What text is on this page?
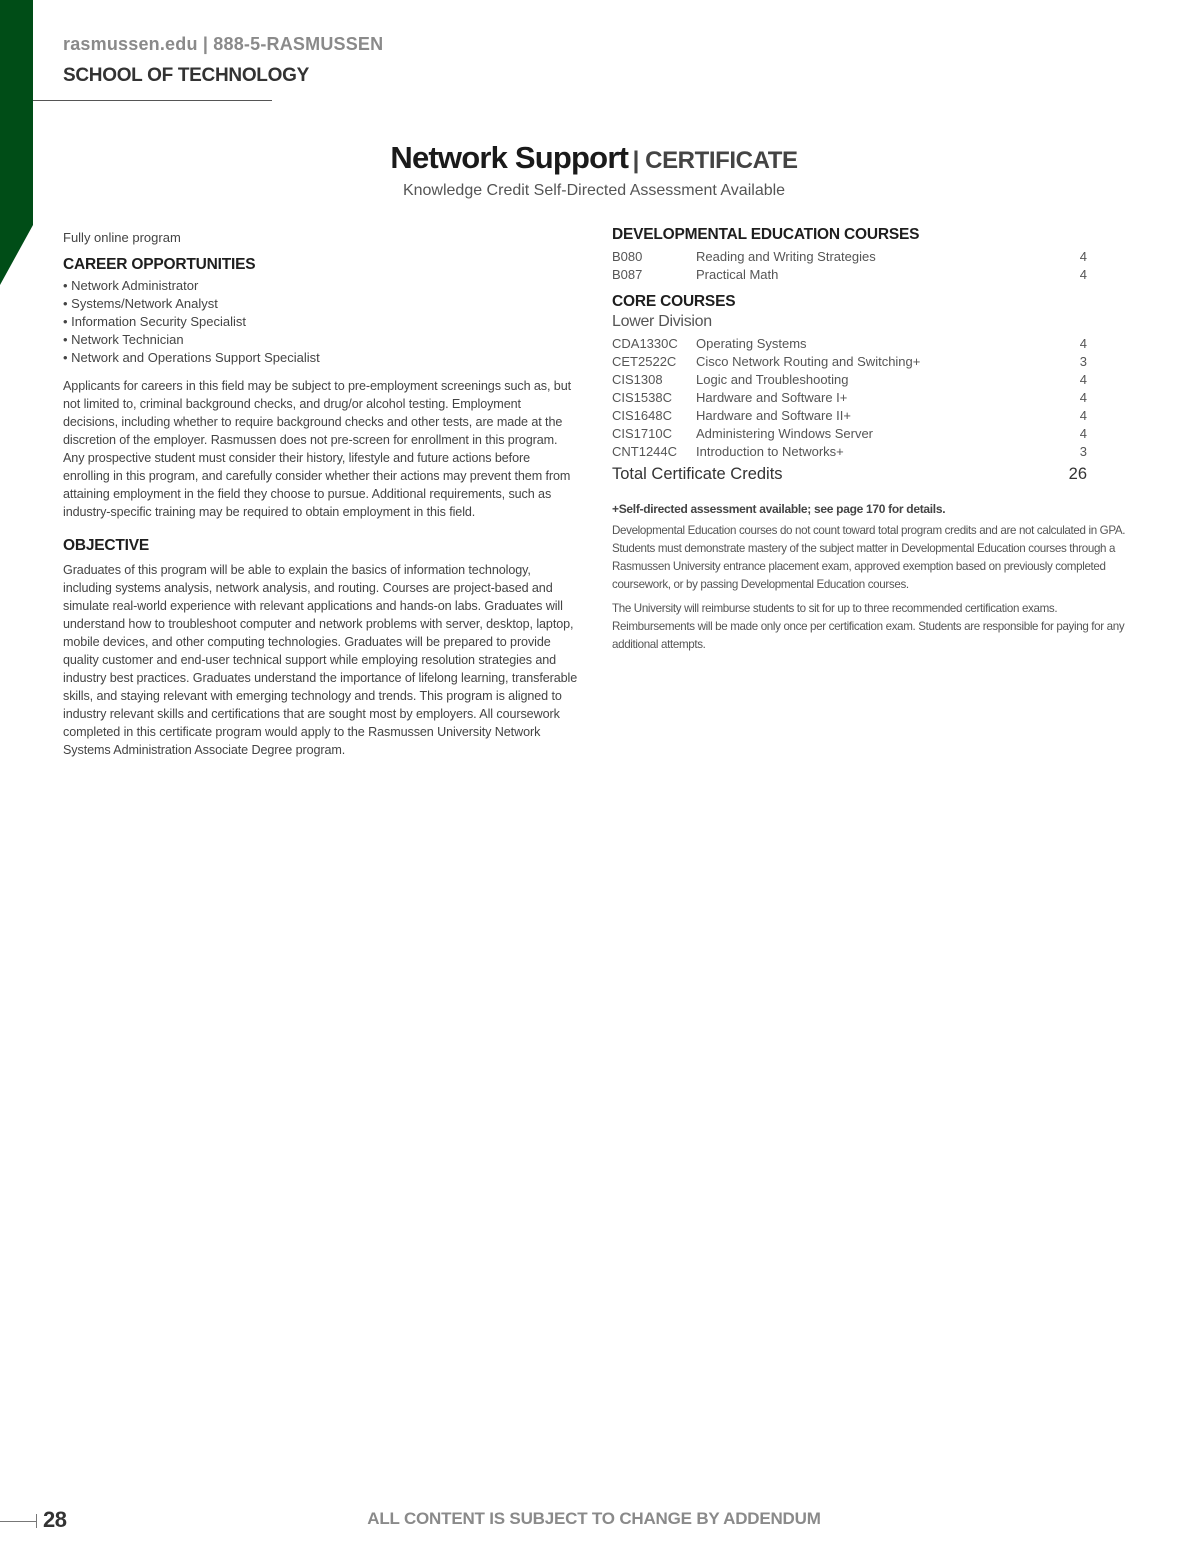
rasmussen.edu | 888-5-RASMUSSEN
SCHOOL OF TECHNOLOGY
Network Support | CERTIFICATE
Knowledge Credit Self-Directed Assessment Available
Fully online program
CAREER OPPORTUNITIES
• Network Administrator
• Systems/Network Analyst
• Information Security Specialist
• Network Technician
• Network and Operations Support Specialist

Applicants for careers in this field may be subject to pre-employment screenings such as, but not limited to, criminal background checks, and drug/or alcohol testing. Employment decisions, including whether to require background checks and other tests, are made at the discretion of the employer. Rasmussen does not pre-screen for enrollment in this program. Any prospective student must consider their history, lifestyle and future actions before enrolling in this program, and carefully consider whether their actions may prevent them from attaining employment in the field they choose to pursue. Additional requirements, such as industry-specific training may be required to obtain employment in this field.

OBJECTIVE

Graduates of this program will be able to explain the basics of information technology, including systems analysis, network analysis, and routing. Courses are project-based and simulate real-world experience with relevant applications and hands-on labs. Graduates will understand how to troubleshoot computer and network problems with server, desktop, laptop, mobile devices, and other computing technologies. Graduates will be prepared to provide quality customer and end-user technical support while employing resolution strategies and industry best practices. Graduates understand the importance of lifelong learning, transferable skills, and staying relevant with emerging technology and trends. This program is aligned to industry relevant skills and certifications that are sought most by employers. All coursework completed in this certificate program would apply to the Rasmussen University Network Systems Administration Associate Degree program.

DEVELOPMENTAL EDUCATION COURSES
B080	Reading and Writing Strategies	4
B087	Practical Math	4
CORE COURSES
Lower Division
CDA1330C	Operating Systems	4
CET2522C	Cisco Network Routing and Switching+	3
CIS1308	Logic and Troubleshooting	4
CIS1538C	Hardware and Software I+	4
CIS1648C	Hardware and Software II+	4
CIS1710C	Administering Windows Server	4
CNT1244C	Introduction to Networks+	3
Total Certificate Credits	26
+Self-directed assessment available; see page 170 for details.
Developmental Education courses do not count toward total program credits and are not calculated in GPA. Students must demonstrate mastery of the subject matter in Developmental Education courses through a Rasmussen University entrance placement exam, approved exemption based on previously completed coursework, or by passing Developmental Education courses.
The University will reimburse students to sit for up to three recommended certification exams. Reimbursements will be made only once per certification exam. Students are responsible for paying for any additional attempts.
28	ALL CONTENT IS SUBJECT TO CHANGE BY ADDENDUM
